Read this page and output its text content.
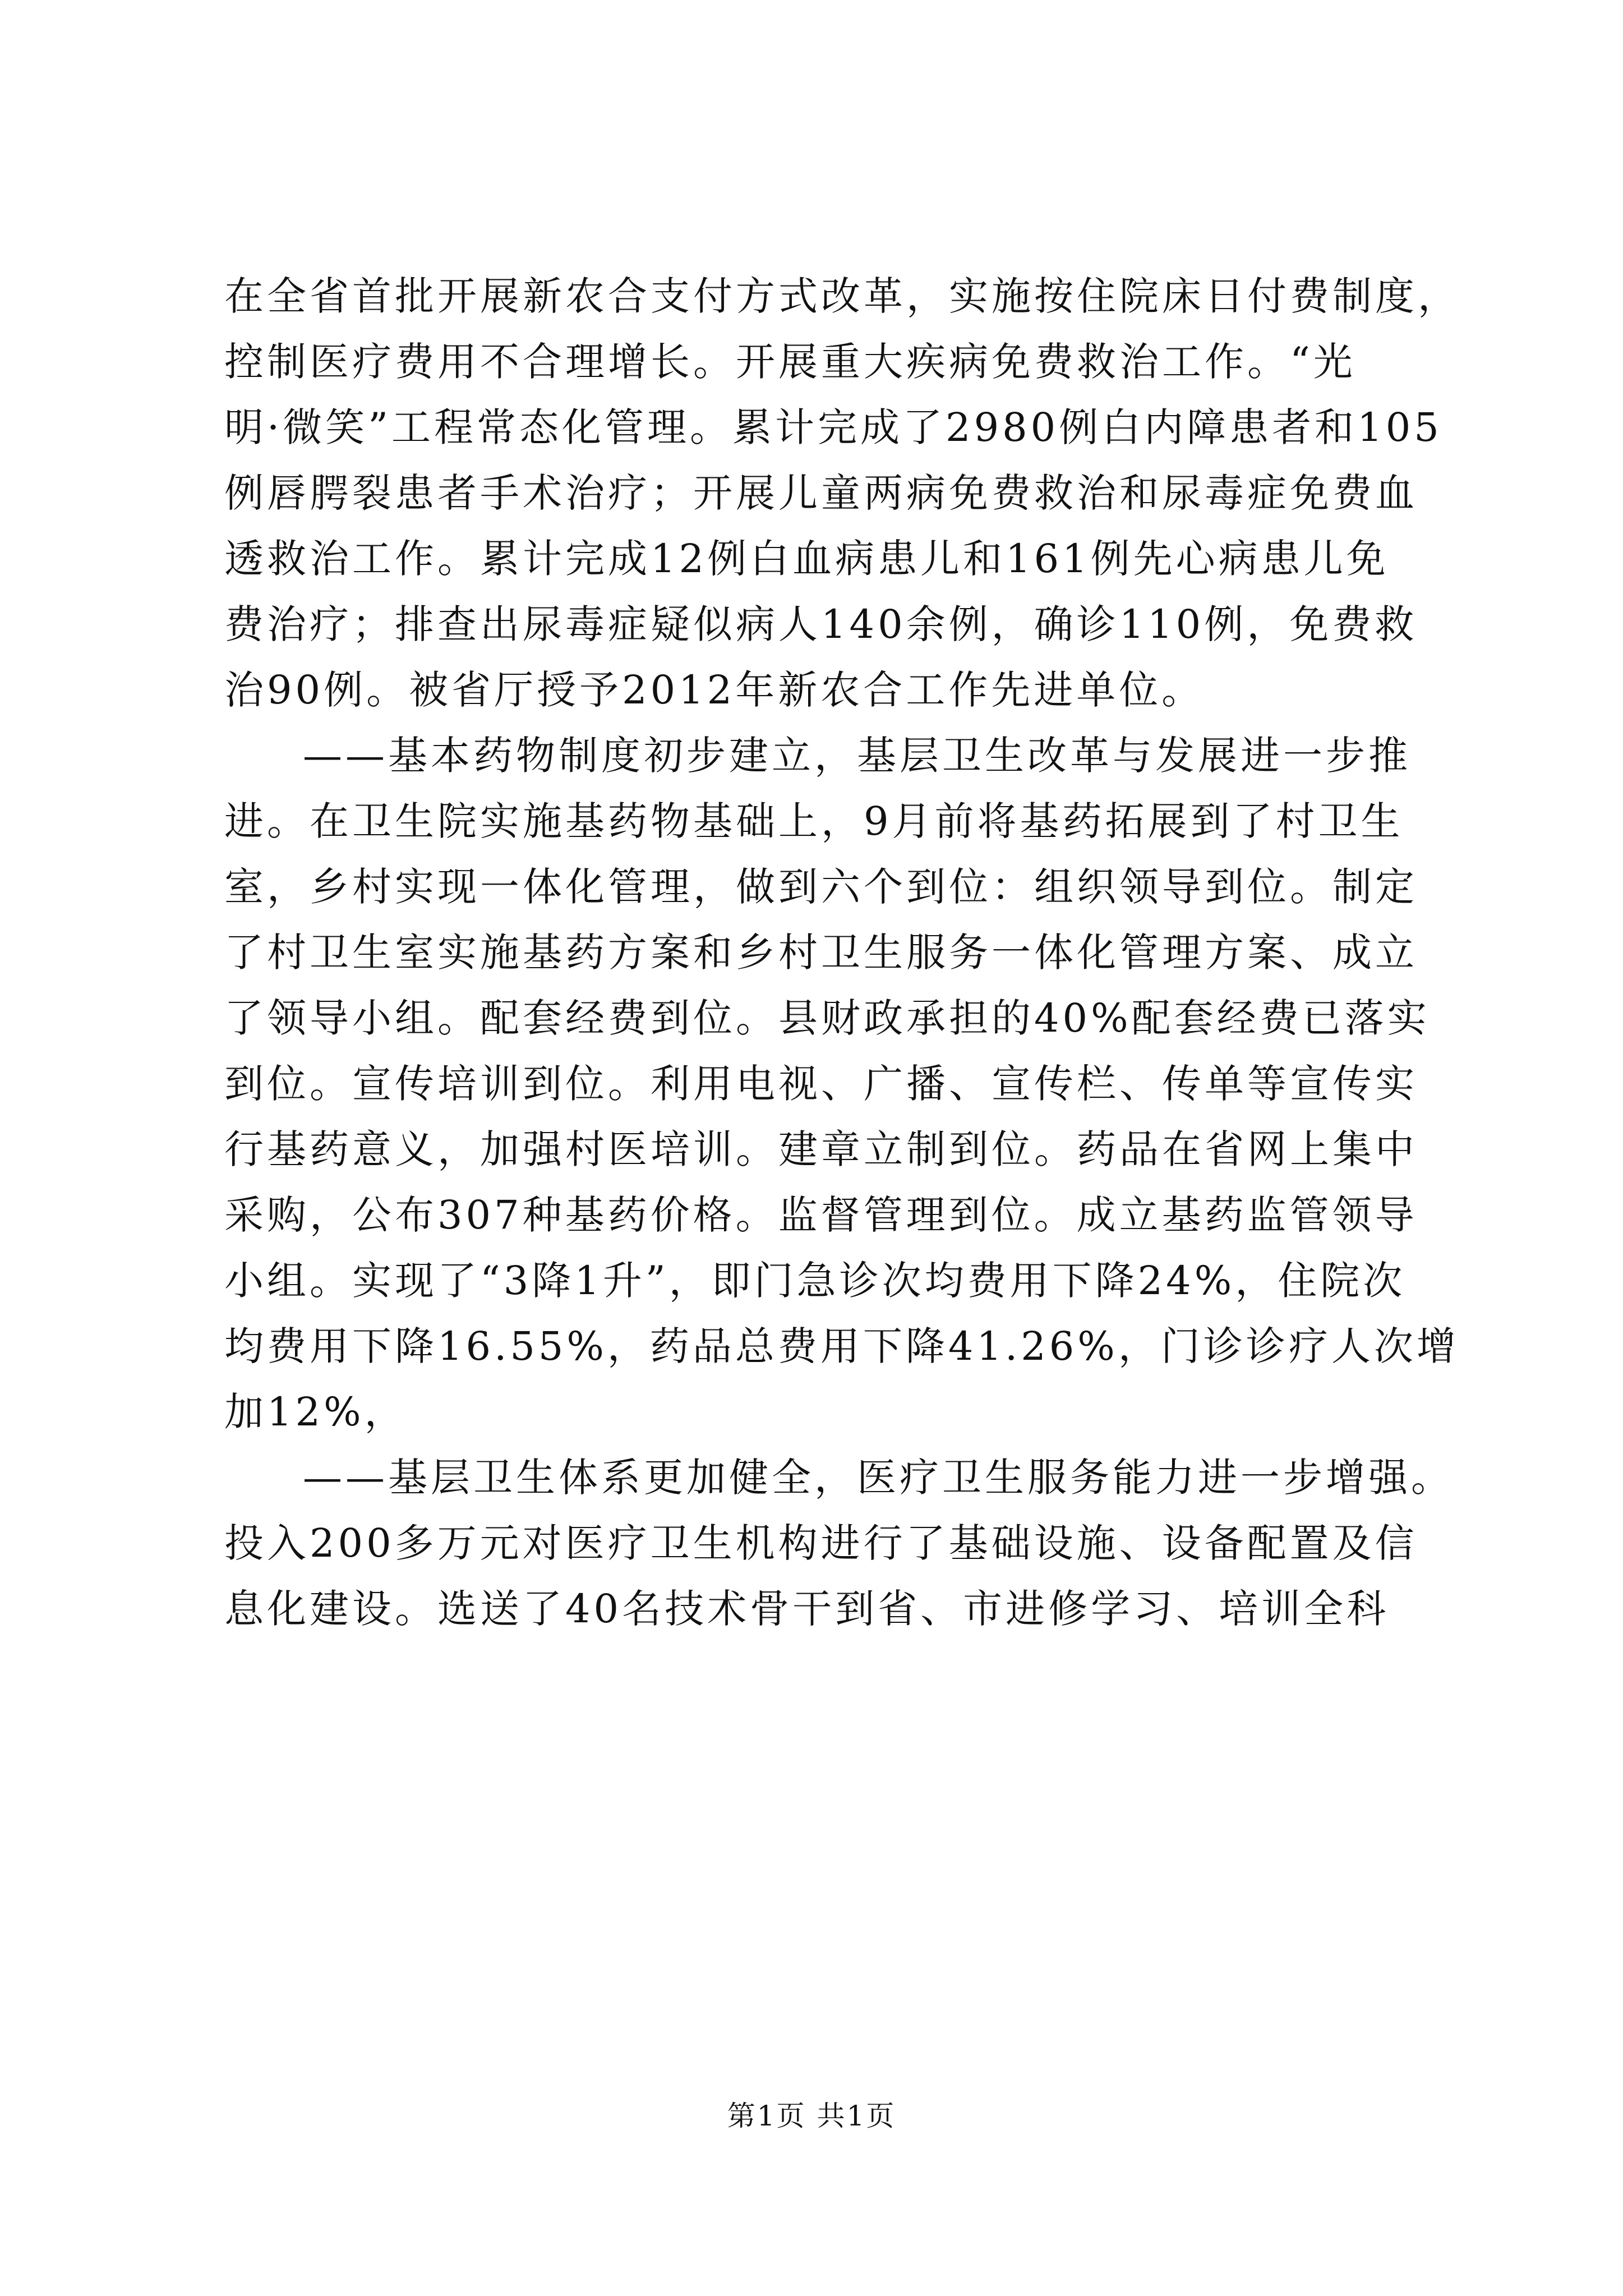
在全省首批开展新农合支付方式改革，实施按住院床日付费制度，
控制医疗费用不合理增长。开展重大疾病免费救治工作。“光
明·微笑”工程常态化管理。累计完成了2980例白内障患者和105
例唇腭裂患者手术治疗；开展儿童两病免费救治和尿毒症免费血
透救治工作。累计完成12例白血病患儿和161例先心病患儿免
费治疗；排查出尿毒症疑似病人140余例，确诊110例，免费救
治90例。被省厅授予2012年新农合工作先进单位。
——基本药物制度初步建立，基层卫生改革与发展进一步推
进。在卫生院实施基药物基础上，9月前将基药拓展到了村卫生
室，乡村实现一体化管理，做到六个到位：组织领导到位。制定
了村卫生室实施基药方案和乡村卫生服务一体化管理方案、成立
了领导小组。配套经费到位。县财政承担的40%配套经费已落实
到位。宣传培训到位。利用电视、广播、宣传栏、传单等宣传实
行基药意义，加强村医培训。建章立制到位。药品在省网上集中
采购，公布307种基药价格。监督管理到位。成立基药监管领导
小组。实现了“3降1升”，即门急诊次均费用下降24%，住院次
均费用下降16.55%，药品总费用下降41.26%，门诊诊疗人次增
加12%，
——基层卫生体系更加健全，医疗卫生服务能力进一步增强。
投入200多万元对医疗卫生机构进行了基础设施、设备配置及信
息化建设。选送了40名技术骨干到省、市进修学习、培训全科
第1页 共1页
